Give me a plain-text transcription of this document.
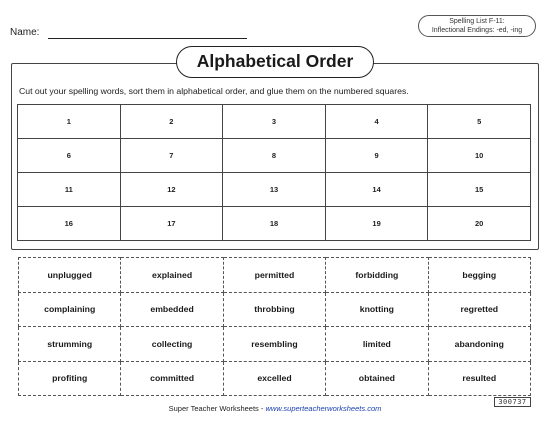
Name:
Spelling List F-11:
Inflectional Endings: -ed, -ing
Alphabetical Order
Cut out your spelling words, sort them in alphabetical order, and glue them on the numbered squares.
1	2	3	4	5
6	7	8	9	10
11	12	13	14	15
16	17	18	19	20
unplugged	explained	permitted	forbidding	begging
complaining	embedded	throbbing	knotting	regretted
strumming	collecting	resembling	limited	abandoning
profiting	committed	excelled	obtained	resulted
300737
Super Teacher Worksheets - www.superteacherworksheets.com
